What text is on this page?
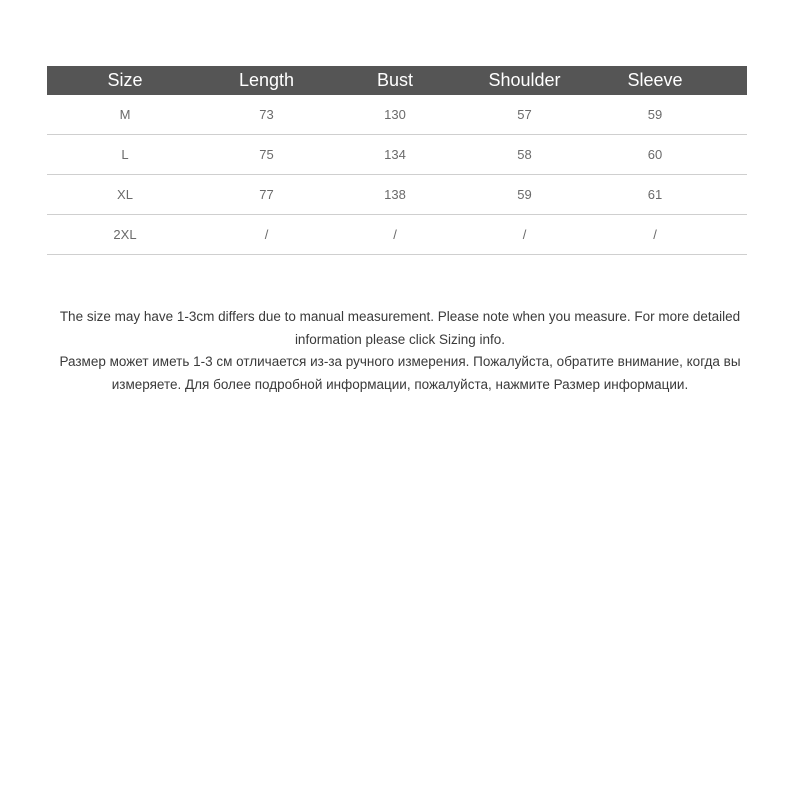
Size	Length	Bust	Shoulder	Sleeve
M	73	130	57	59
L	75	134	58	60
XL	77	138	59	61
2XL	/	/	/	/

The size may have 1-3cm differs due to manual measurement. Please note when you measure. For more detailed information please click Sizing info.

Размер может иметь 1-3 см отличается из-за ручного измерения. Пожалуйста, обратите внимание, когда вы измеряете. Для более подробной информации, пожалуйста, нажмите Размер информации.
